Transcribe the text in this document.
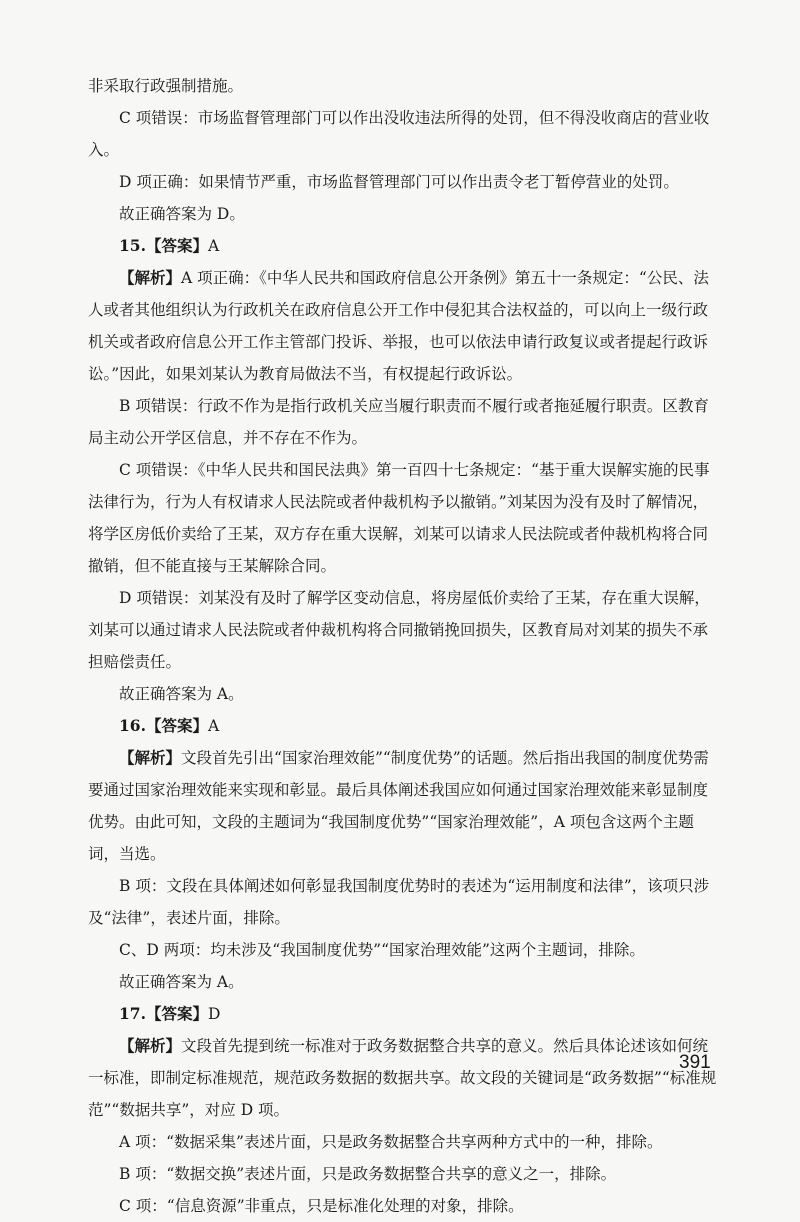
非采取行政强制措施。

C 项错误：市场监督管理部门可以作出没收违法所得的处罚，但不得没收商店的营业收入。

D 项正确：如果情节严重，市场监督管理部门可以作出责令老丁暂停营业的处罚。

故正确答案为 D。

15.【答案】A

【解析】A 项正确：《中华人民共和国政府信息公开条例》第五十一条规定：“公民、法人或者其他组织认为行政机关在政府信息公开工作中侵犯其合法权益的，可以向上一级行政机关或者政府信息公开工作主管部门投诉、举报，也可以依法申请行政复议或者提起行政诉讼。”因此，如果刘某认为教育局做法不当，有权提起行政诉讼。

B 项错误：行政不作为是指行政机关应当履行职责而不履行或者拖延履行职责。区教育局主动公开学区信息，并不存在不作为。

C 项错误：《中华人民共和国民法典》第一百四十七条规定：“基于重大误解实施的民事法律行为，行为人有权请求人民法院或者仲裁机构予以撤销。”刘某因为没有及时了解情况，将学区房低价卖给了王某，双方存在重大误解，刘某可以请求人民法院或者仲裁机构将合同撤销，但不能直接与王某解除合同。

D 项错误：刘某没有及时了解学区变动信息，将房屋低价卖给了王某，存在重大误解，刘某可以通过请求人民法院或者仲裁机构将合同撤销挽回损失，区教育局对刘某的损失不承担赔偿责任。

故正确答案为 A。

16.【答案】A

【解析】文段首先引出“国家治理效能”“制度优势”的话题。然后指出我国的制度优势需要通过国家治理效能来实现和彰显。最后具体阐述我国应如何通过国家治理效能来彰显制度优势。由此可知，文段的主题词为“我国制度优势”“国家治理效能”，A 项包含这两个主题词，当选。

B 项：文段在具体阐述如何彰显我国制度优势时的表述为“运用制度和法律”，该项只涉及“法律”，表述片面，排除。

C、D 两项：均未涉及“我国制度优势”“国家治理效能”这两个主题词，排除。

故正确答案为 A。

17.【答案】D

【解析】文段首先提到统一标准对于政务数据整合共享的意义。然后具体论述该如何统一标准，即制定标准规范，规范政务数据的数据共享。故文段的关键词是“政务数据”“标准规范”“数据共享”，对应 D 项。

A 项：“数据采集”表述片面，只是政务数据整合共享两种方式中的一种，排除。

B 项：“数据交换”表述片面，只是政务数据整合共享的意义之一，排除。

C 项：“信息资源”非重点，只是标准化处理的对象，排除。

391
